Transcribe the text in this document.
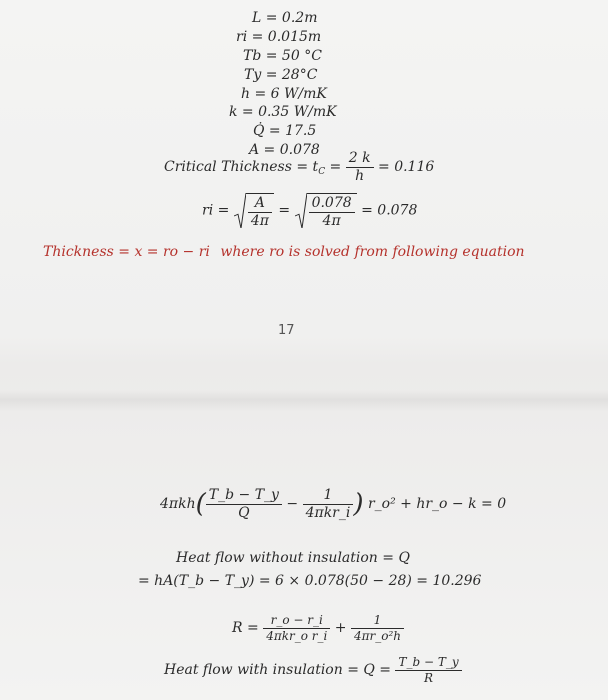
L = 0.2m
ri = 0.015m
Tb = 50 °C
Ty = 28°C
h = 6 W/mK
k = 0.35 W/mK
Q̇ = 17.5
A = 0.078
Critical Thickness = $t_C = \frac{2 k}{h} = 0.116$
ri = $\frac{A}{4\pi} = \frac{0.078}{4\pi} = 0.078$
Thickness = x = ro − ri where ro is solved from following equation
17
$4\pi kh( \frac{T\_b - T\_y}{Q} - \frac{1}{\text{4πkr\_i}}$ ) r_o² + hr_o − k = 0
Heat flow without insulation = Q
= hA(T_b − T_y) = 6 × 0.078(50 − 28) = 10.296
$R = \frac{r\_o - r\_i}{\text{4πkr\_o r\_i}} + \frac{1}{\text{4πr\_o²h}}$
Heat flow with insulation = $Q = \frac{T\_b - T\_y}{R}$
